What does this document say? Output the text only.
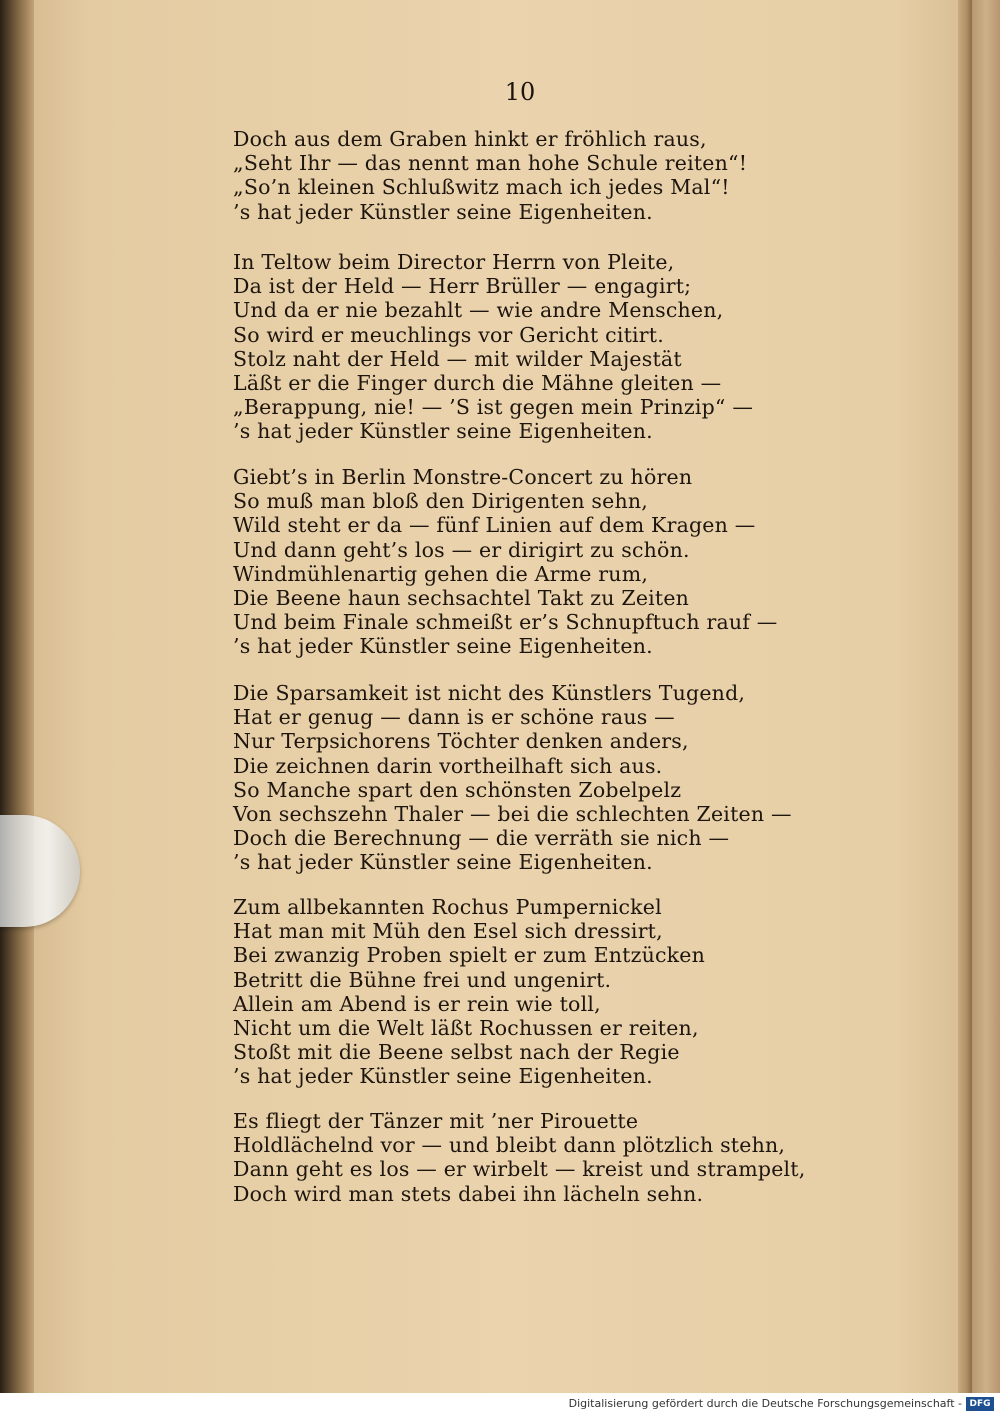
10
Doch aus dem Graben hinkt er fröhlich raus,
„Seht Ihr — das nennt man hohe Schule reiten“!
„So’n kleinen Schlußwitz mach ich jedes Mal“!
’s hat jeder Künstler seine Eigenheiten.
In Teltow beim Director Herrn von Pleite,
Da ist der Held — Herr Brüller — engagirt;
Und da er nie bezahlt — wie andre Menschen,
So wird er meuchlings vor Gericht citirt.
Stolz naht der Held — mit wilder Majestät
Läßt er die Finger durch die Mähne gleiten —
„Berappung, nie! — ’S ist gegen mein Prinzip“ —
’s hat jeder Künstler seine Eigenheiten.
Giebt’s in Berlin Monstre-Concert zu hören
So muß man bloß den Dirigenten sehn,
Wild steht er da — fünf Linien auf dem Kragen —
Und dann geht’s los — er dirigirt zu schön.
Windmühlenartig gehen die Arme rum,
Die Beene haun sechsachtel Takt zu Zeiten
Und beim Finale schmeißt er’s Schnupftuch rauf —
’s hat jeder Künstler seine Eigenheiten.
Die Sparsamkeit ist nicht des Künstlers Tugend,
Hat er genug — dann is er schöne raus —
Nur Terpsichorens Töchter denken anders,
Die zeichnen darin vortheilhaft sich aus.
So Manche spart den schönsten Zobelpelz
Von sechszehn Thaler — bei die schlechten Zeiten —
Doch die Berechnung — die verräth sie nich —
’s hat jeder Künstler seine Eigenheiten.
Zum allbekannten Rochus Pumpernickel
Hat man mit Müh den Esel sich dressirt,
Bei zwanzig Proben spielt er zum Entzücken
Betritt die Bühne frei und ungenirt.
Allein am Abend is er rein wie toll,
Nicht um die Welt läßt Rochussen er reiten,
Stoßt mit die Beene selbst nach der Regie
’s hat jeder Künstler seine Eigenheiten.
Es fliegt der Tänzer mit ’ner Pirouette
Holdlächelnd vor — und bleibt dann plötzlich stehn,
Dann geht es los — er wirbelt — kreist und strampelt,
Doch wird man stets dabei ihn lächeln sehn.
Digitalisierung gefördert durch die Deutsche Forschungsgemeinschaft - DFG
